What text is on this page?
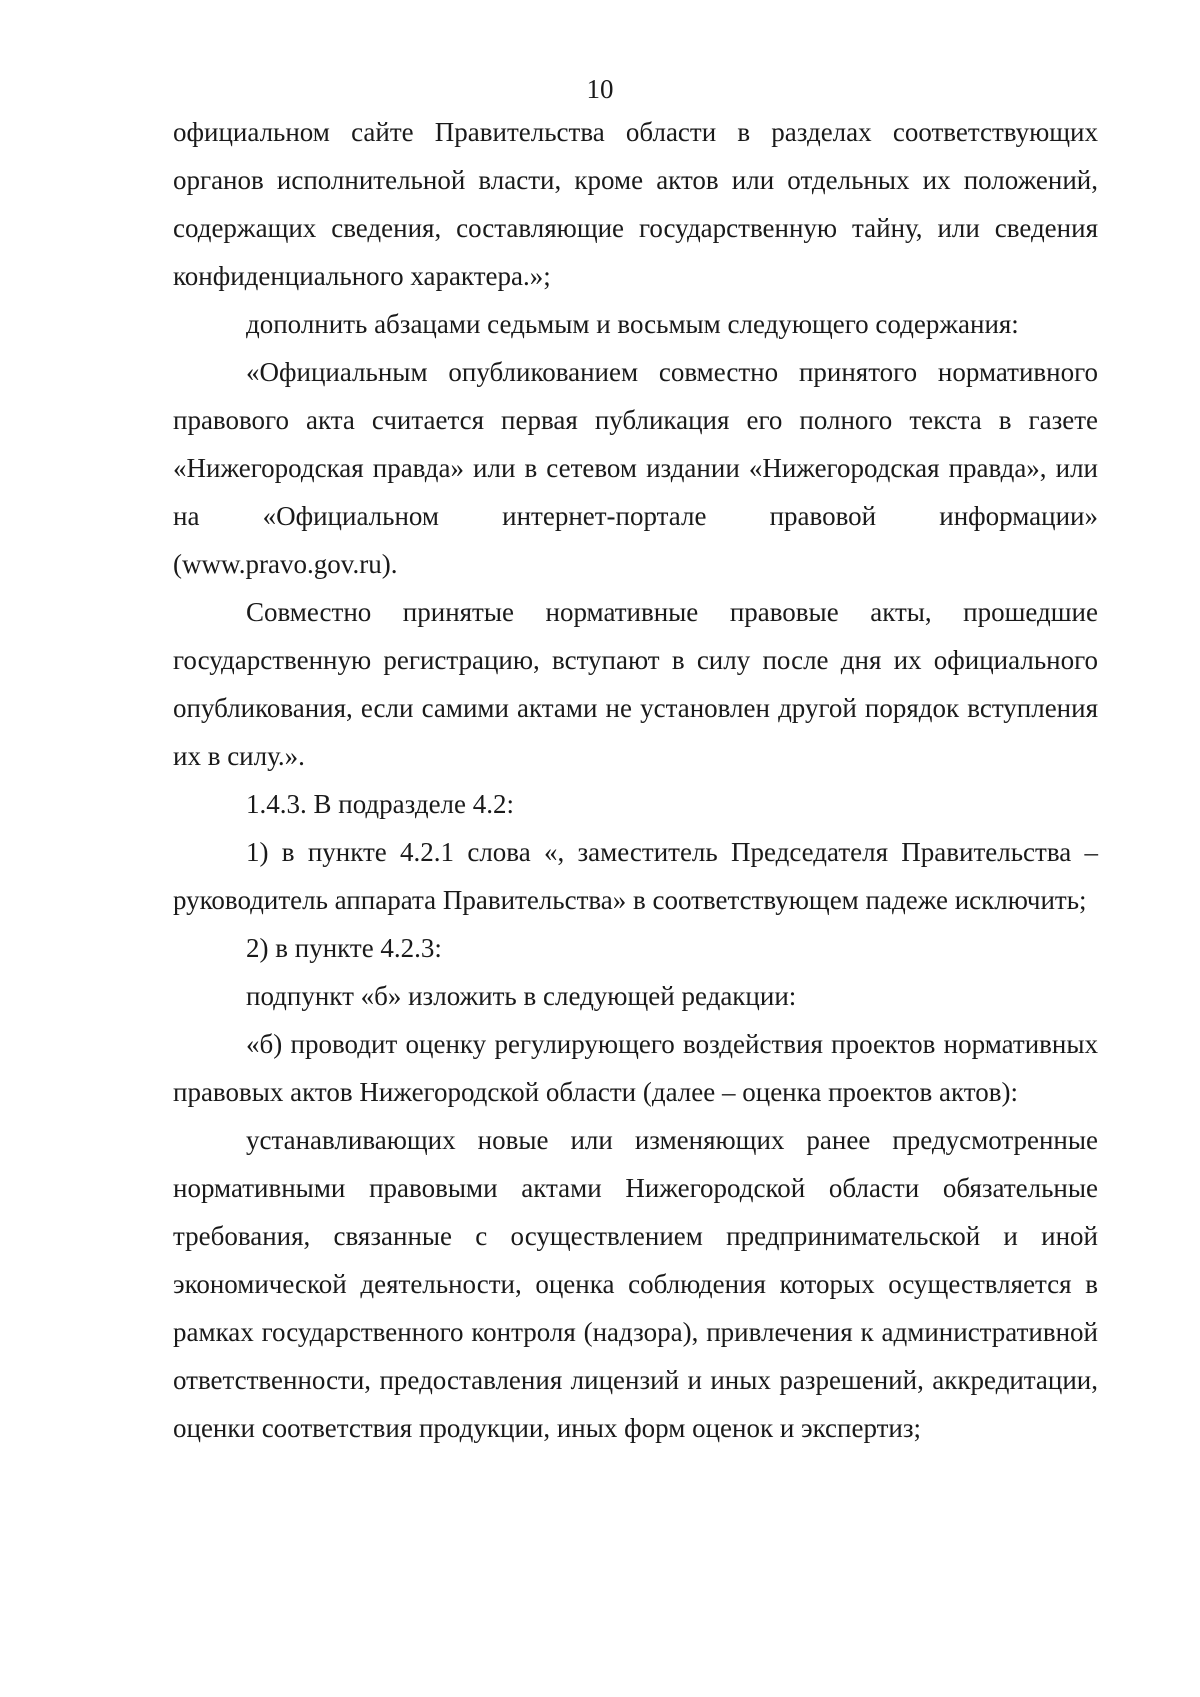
10

официальном сайте Правительства области в разделах соответствующих органов исполнительной власти, кроме актов или отдельных их положений, содержащих сведения, составляющие государственную тайну, или сведения конфиденциального характера.»;

дополнить абзацами седьмым и восьмым следующего содержания:

«Официальным опубликованием совместно принятого нормативного правового акта считается первая публикация его полного текста в газете «Нижегородская правда» или в сетевом издании «Нижегородская правда», или на «Официальном интернет-портале правовой информации» (www.pravo.gov.ru).

Совместно принятые нормативные правовые акты, прошедшие государственную регистрацию, вступают в силу после дня их официального опубликования, если самими актами не установлен другой порядок вступления их в силу.».

1.4.3. В подразделе 4.2:

1) в пункте 4.2.1 слова «, заместитель Председателя Правительства – руководитель аппарата Правительства» в соответствующем падеже исключить;

2) в пункте 4.2.3:

подпункт «б» изложить в следующей редакции:

«б) проводит оценку регулирующего воздействия проектов нормативных правовых актов Нижегородской области (далее – оценка проектов актов):

устанавливающих новые или изменяющих ранее предусмотренные нормативными правовыми актами Нижегородской области обязательные требования, связанные с осуществлением предпринимательской и иной экономической деятельности, оценка соблюдения которых осуществляется в рамках государственного контроля (надзора), привлечения к административной ответственности, предоставления лицензий и иных разрешений, аккредитации, оценки соответствия продукции, иных форм оценок и экспертиз;
